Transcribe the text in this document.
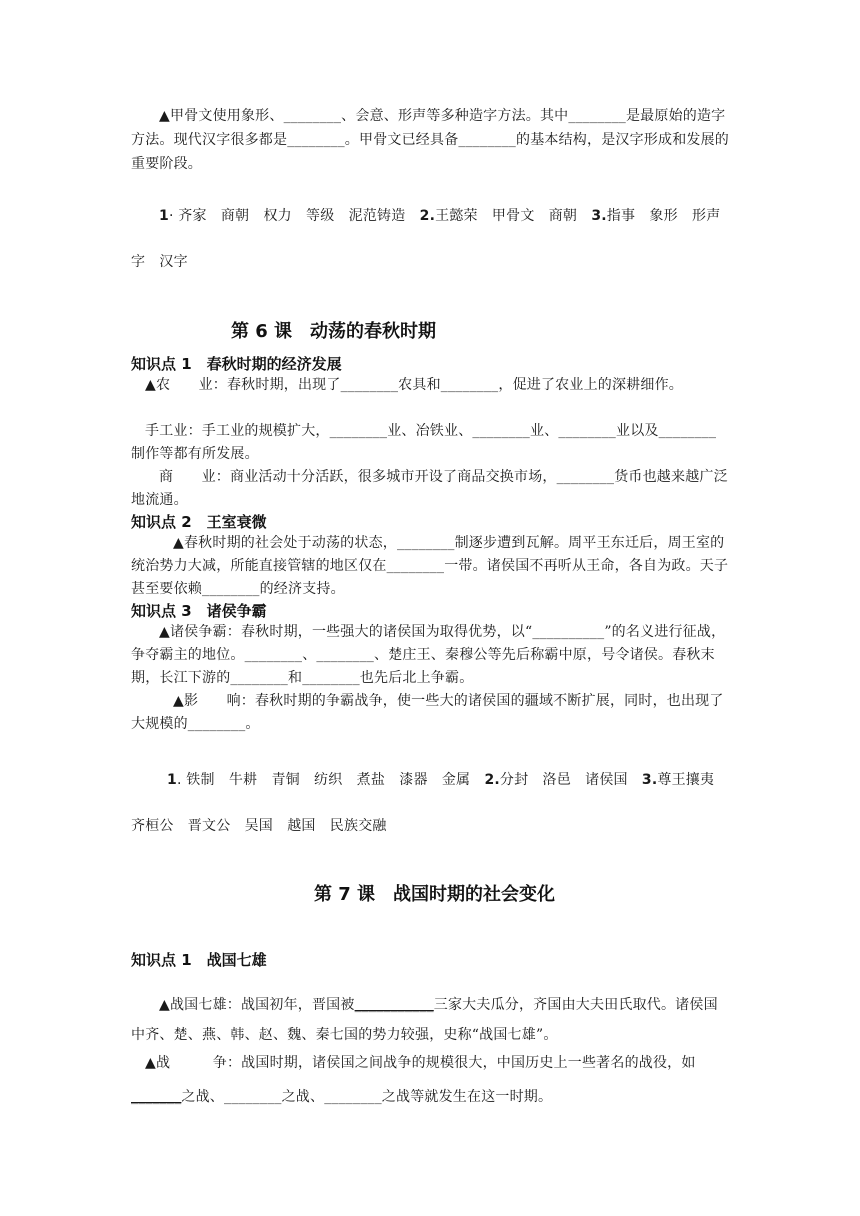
▲甲骨文使用象形、________、会意、形声等多种造字方法。其中________是最原始的造字方法。现代汉字很多都是________。甲骨文已经具备________的基本结构，是汉字形成和发展的重要阶段。
1· 齐家　商朝　权力　等级　泥范铸造　2.王懿荣　甲骨文　商朝　3.指事　象形　形声字　汉字
第 6 课　动荡的春秋时期
知识点 1　春秋时期的经济发展
▲农　　业：春秋时期，出现了________农具和________，促进了农业上的深耕细作。
手工业：手工业的规模扩大，________业、冶铁业、________业、________业以及________制作等都有所发展。
商　　业：商业活动十分活跃，很多城市开设了商品交换市场，________货币也越来越广泛地流通。
知识点 2　王室衰微
▲春秋时期的社会处于动荡的状态，________制逐步遭到瓦解。周平王东迁后，周王室的统治势力大减，所能直接管辖的地区仅在________一带。诸侯国不再听从王命，各自为政。天子甚至要依赖________的经济支持。
知识点 3　诸侯争霸
▲诸侯争霸：春秋时期，一些强大的诸侯国为取得优势，以“__________”的名义进行征战，争夺霸主的地位。________、________、楚庄王、秦穆公等先后称霸中原，号令诸侯。春秋末期，长江下游的________和________也先后北上争霸。
▲影　　响：春秋时期的争霸战争，使一些大的诸侯国的疆域不断扩展，同时，也出现了大规模的________。
1. 铁制　牛耕　青铜　纺织　煮盐　漆器　金属　2.分封　洛邑　诸侯国　3.尊王攘夷　齐桓公　晋文公　吴国　越国　民族交融
第 7 课　战国时期的社会变化
知识点 1　战国七雄
▲战国七雄：战国初年，晋国被___________三家大夫瓜分，齐国由大夫田氏取代。诸侯国中齐、楚、燕、韩、赵、魏、秦七国的势力较强，史称“战国七雄”。
▲战　　　争：战国时期，诸侯国之间战争的规模很大，中国历史上一些著名的战役，如_______之战、________之战、________之战等就发生在这一时期。
